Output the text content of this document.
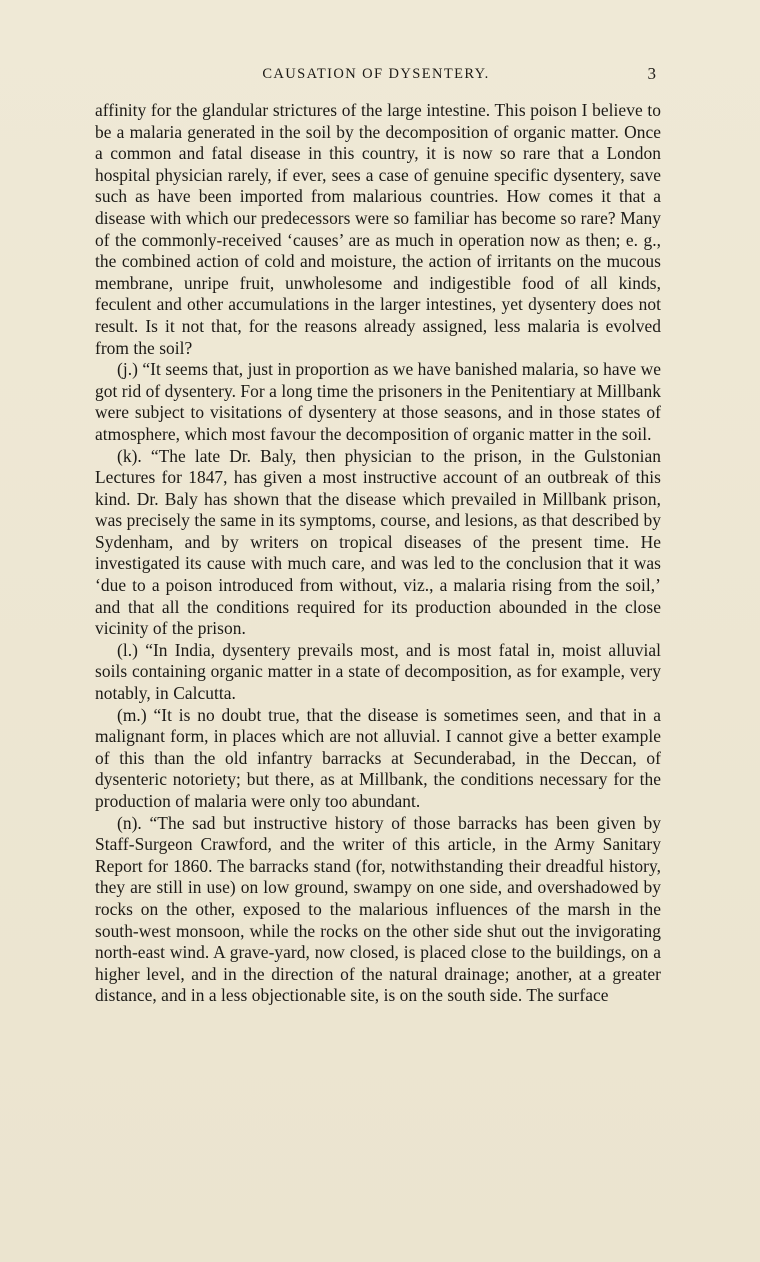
CAUSATION OF DYSENTERY.	3

affinity for the glandular strictures of the large intestine. This poison I believe to be a malaria generated in the soil by the decomposition of organic matter. Once a common and fatal disease in this country, it is now so rare that a London hospital physician rarely, if ever, sees a case of genuine specific dysentery, save such as have been imported from malarious countries. How comes it that a disease with which our predecessors were so familiar has become so rare? Many of the commonly-received ‘causes’ are as much in operation now as then; e. g., the combined action of cold and moisture, the action of irritants on the mucous membrane, unripe fruit, unwholesome and indigestible food of all kinds, feculent and other accumulations in the larger intestines, yet dysentery does not result. Is it not that, for the reasons already assigned, less malaria is evolved from the soil?

(j.) “It seems that, just in proportion as we have banished malaria, so have we got rid of dysentery. For a long time the prisoners in the Penitentiary at Millbank were subject to visitations of dysentery at those seasons, and in those states of atmosphere, which most favour the decomposition of organic matter in the soil.

(k). “The late Dr. Baly, then physician to the prison, in the Gulstonian Lectures for 1847, has given a most instructive account of an outbreak of this kind. Dr. Baly has shown that the disease which prevailed in Millbank prison, was precisely the same in its symptoms, course, and lesions, as that described by Sydenham, and by writers on tropical diseases of the present time. He investigated its cause with much care, and was led to the conclusion that it was ‘due to a poison introduced from without, viz., a malaria rising from the soil,’ and that all the conditions required for its production abounded in the close vicinity of the prison.

(l.) “In India, dysentery prevails most, and is most fatal in, moist alluvial soils containing organic matter in a state of decomposition, as for example, very notably, in Calcutta.

(m.) “It is no doubt true, that the disease is sometimes seen, and that in a malignant form, in places which are not alluvial. I cannot give a better example of this than the old infantry barracks at Secunderabad, in the Deccan, of dysenteric notoriety; but there, as at Millbank, the conditions necessary for the production of malaria were only too abundant.

(n). “The sad but instructive history of those barracks has been given by Staff-Surgeon Crawford, and the writer of this article, in the Army Sanitary Report for 1860. The barracks stand (for, notwithstanding their dreadful history, they are still in use) on low ground, swampy on one side, and overshadowed by rocks on the other, exposed to the malarious influences of the marsh in the south-west monsoon, while the rocks on the other side shut out the invigorating north-east wind. A grave-yard, now closed, is placed close to the buildings, on a higher level, and in the direction of the natural drainage; another, at a greater distance, and in a less objectionable site, is on the south side. The surface
